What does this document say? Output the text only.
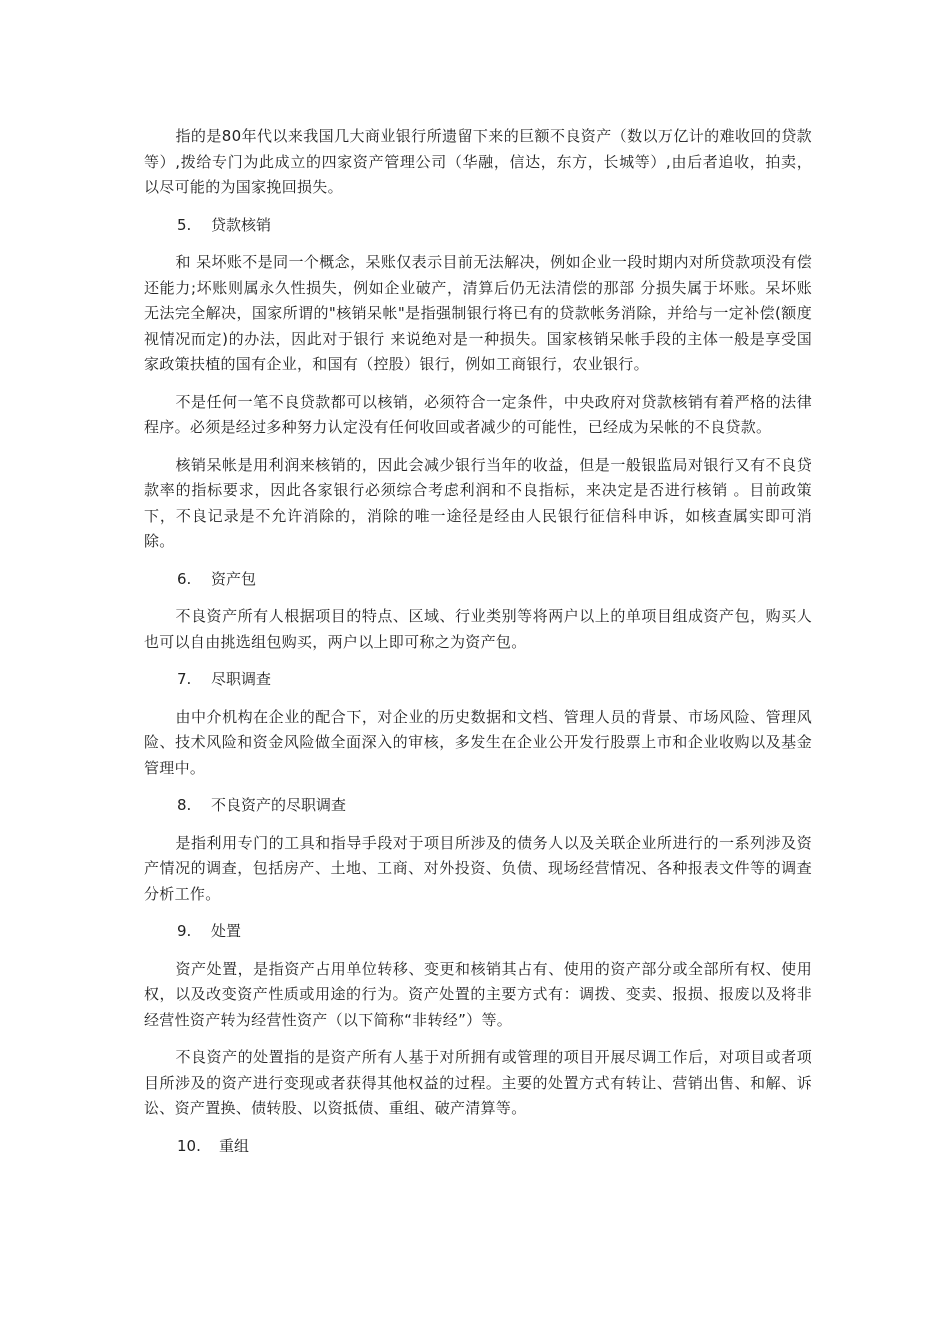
指的是80年代以来我国几大商业银行所遗留下来的巨额不良资产（数以万亿计的难收回的贷款等）,拨给专门为此成立的四家资产管理公司（华融，信达，东方，长城等）,由后者追收，拍卖，以尽可能的为国家挽回损失。

5.	贷款核销

和 呆坏账不是同一个概念，呆账仅表示目前无法解决，例如企业一段时期内对所贷款项没有偿还能力;坏账则属永久性损失，例如企业破产，清算后仍无法清偿的那部 分损失属于坏账。呆坏账无法完全解决，国家所谓的"核销呆帐"是指强制银行将已有的贷款帐务消除，并给与一定补偿(额度视情况而定)的办法，因此对于银行 来说绝对是一种损失。国家核销呆帐手段的主体一般是享受国家政策扶植的国有企业，和国有（控股）银行，例如工商银行，农业银行。

不是任何一笔不良贷款都可以核销，必须符合一定条件，中央政府对贷款核销有着严格的法律程序。必须是经过多种努力认定没有任何收回或者减少的可能性，已经成为呆帐的不良贷款。

核销呆帐是用利润来核销的，因此会减少银行当年的收益，但是一般银监局对银行又有不良贷款率的指标要求，因此各家银行必须综合考虑利润和不良指标，来决定是否进行核销 。目前政策下，不良记录是不允许消除的，消除的唯一途径是经由人民银行征信科申诉，如核查属实即可消除。

6.	资产包

不良资产所有人根据项目的特点、区域、行业类别等将两户以上的单项目组成资产包，购买人也可以自由挑选组包购买，两户以上即可称之为资产包。

7.	尽职调查

由中介机构在企业的配合下，对企业的历史数据和文档、管理人员的背景、市场风险、管理风险、技术风险和资金风险做全面深入的审核，多发生在企业公开发行股票上市和企业收购以及基金管理中。

8.	不良资产的尽职调查

是指利用专门的工具和指导手段对于项目所涉及的债务人以及关联企业所进行的一系列涉及资产情况的调查，包括房产、土地、工商、对外投资、负债、现场经营情况、各种报表文件等的调查分析工作。

9.	处置

资产处置，是指资产占用单位转移、变更和核销其占有、使用的资产部分或全部所有权、使用权，以及改变资产性质或用途的行为。资产处置的主要方式有：调拨、变卖、报损、报废以及将非经营性资产转为经营性资产（以下简称“非转经”）等。

不良资产的处置指的是资产所有人基于对所拥有或管理的项目开展尽调工作后，对项目或者项目所涉及的资产进行变现或者获得其他权益的过程。主要的处置方式有转让、营销出售、和解、诉讼、资产置换、债转股、以资抵债、重组、破产清算等。

10.	重组
